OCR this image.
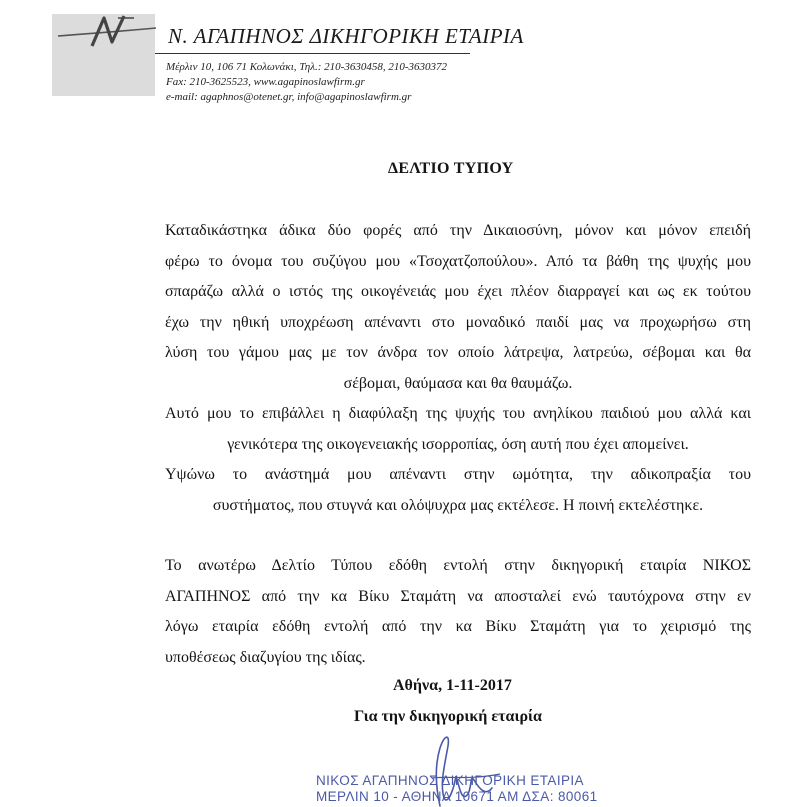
Ν. ΑΓΑΠΗΝΟΣ ΔΙΚΗΓΟΡΙΚΗ ΕΤΑΙΡΙΑ
Μέρλιν 10, 106 71 Κολωνάκι, Τηλ.: 210-3630458, 210-3630372
Fax: 210-3625523, www.agapinoslawfirm.gr
e-mail: agaphnos@otenet.gr, info@agapinoslawfirm.gr
ΔΕΛΤΙΟ ΤΥΠΟΥ
Καταδικάστηκα άδικα δύο φορές από την Δικαιοσύνη, μόνον και μόνον επειδή
φέρω το όνομα του συζύγου μου «Τσοχατζοπούλου». Από τα βάθη της ψυχής μου
σπαράζω αλλά ο ιστός της οικογένειάς μου έχει πλέον διαρραγεί και ως εκ τούτου
έχω την ηθική υποχρέωση απέναντι στο μοναδικό παιδί μας να προχωρήσω στη
λύση του γάμου μας με τον άνδρα τον οποίο λάτρεψα, λατρεύω, σέβομαι και θα
σέβομαι, θαύμασα και θα θαυμάζω.
Αυτό μου το επιβάλλει η διαφύλαξη της ψυχής του ανηλίκου παιδιού μου αλλά και
γενικότερα της οικογενειακής ισορροπίας, όση αυτή που έχει απομείνει.
Υψώνω το ανάστημά μου απέναντι στην ωμότητα, την αδικοπραξία του
συστήματος, που στυγνά και ολόψυχρα μας εκτέλεσε. Η ποινή εκτελέστηκε.
Το ανωτέρω Δελτίο Τύπου εδόθη εντολή στην δικηγορική εταιρία ΝΙΚΟΣ
ΑΓΑΠΗΝΟΣ από την κα Βίκυ Σταμάτη να αποσταλεί ενώ ταυτόχρονα στην εν
λόγω εταιρία εδόθη εντολή από την κα Βίκυ Σταμάτη για το χειρισμό της
υποθέσεως διαζυγίου της ιδίας.
Αθήνα, 1-11-2017
Για την δικηγορική εταιρία
ΝΙΚΟΣ ΑΓΑΠΗΝΟΣ ΔΙΚΗΓΟΡΙΚΗ ΕΤΑΙΡΙΑ
ΜΕΡΛΙΝ 10 - ΑΘΗΝΑ 10671 ΑΜ ΔΣΑ: 80061
